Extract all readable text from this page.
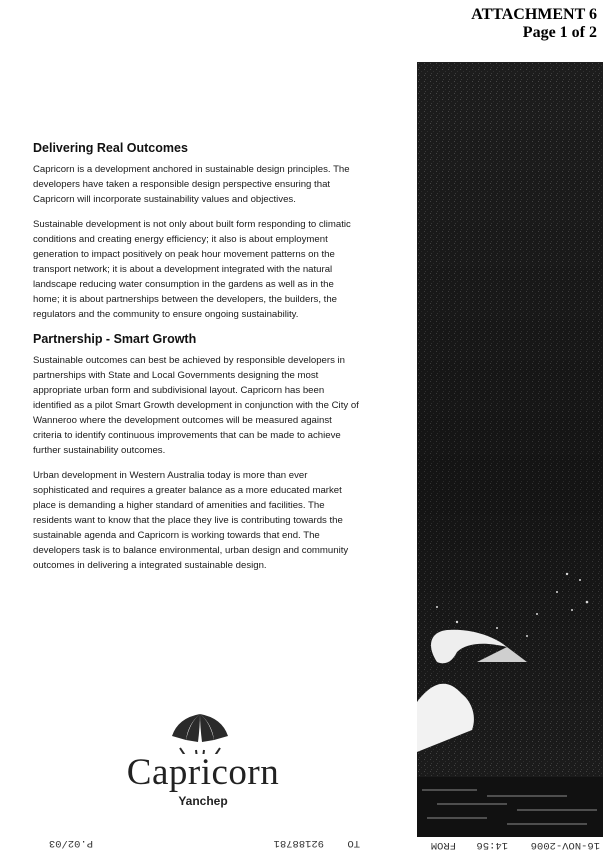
ATTACHMENT 6
Page 1 of 2
Delivering Real Outcomes

Capricorn is a development anchored in sustainable design principles. The developers have taken a responsible design perspective ensuring that Capricorn will incorporate sustainability values and objectives.

Sustainable development is not only about built form responding to climatic conditions and creating energy efficiency; it also is about employment generation to impact positively on peak hour movement patterns on the transport network; it is about a development integrated with the natural landscape reducing water consumption in the gardens as well as in the home; it is about partnerships between the developers, the builders, the regulators and the community to ensure ongoing sustainability.

Partnership - Smart Growth

Sustainable outcomes can best be achieved by responsible developers in partnerships with State and Local Governments designing the most appropriate urban form and subdivisional layout. Capricorn has been identified as a pilot Smart Growth development in conjunction with the City of Wanneroo where the development outcomes will be measured against criteria to identify continuous improvements that can be made to achieve further sustainability outcomes.

Urban development in Western Australia today is more than ever sophisticated and requires a greater balance as a more educated market place is demanding a higher standard of amenities and facilities. The residents want to know that the place they live is contributing towards the sustainable agenda and Capricorn is working towards that end. The developers task is to balance environmental, urban design and community outcomes in delivering a integrated sustainable design.

Capricorn
Yanchep
TO
92188781
P.02/03	16-NOV-2006
14:56
FROM
